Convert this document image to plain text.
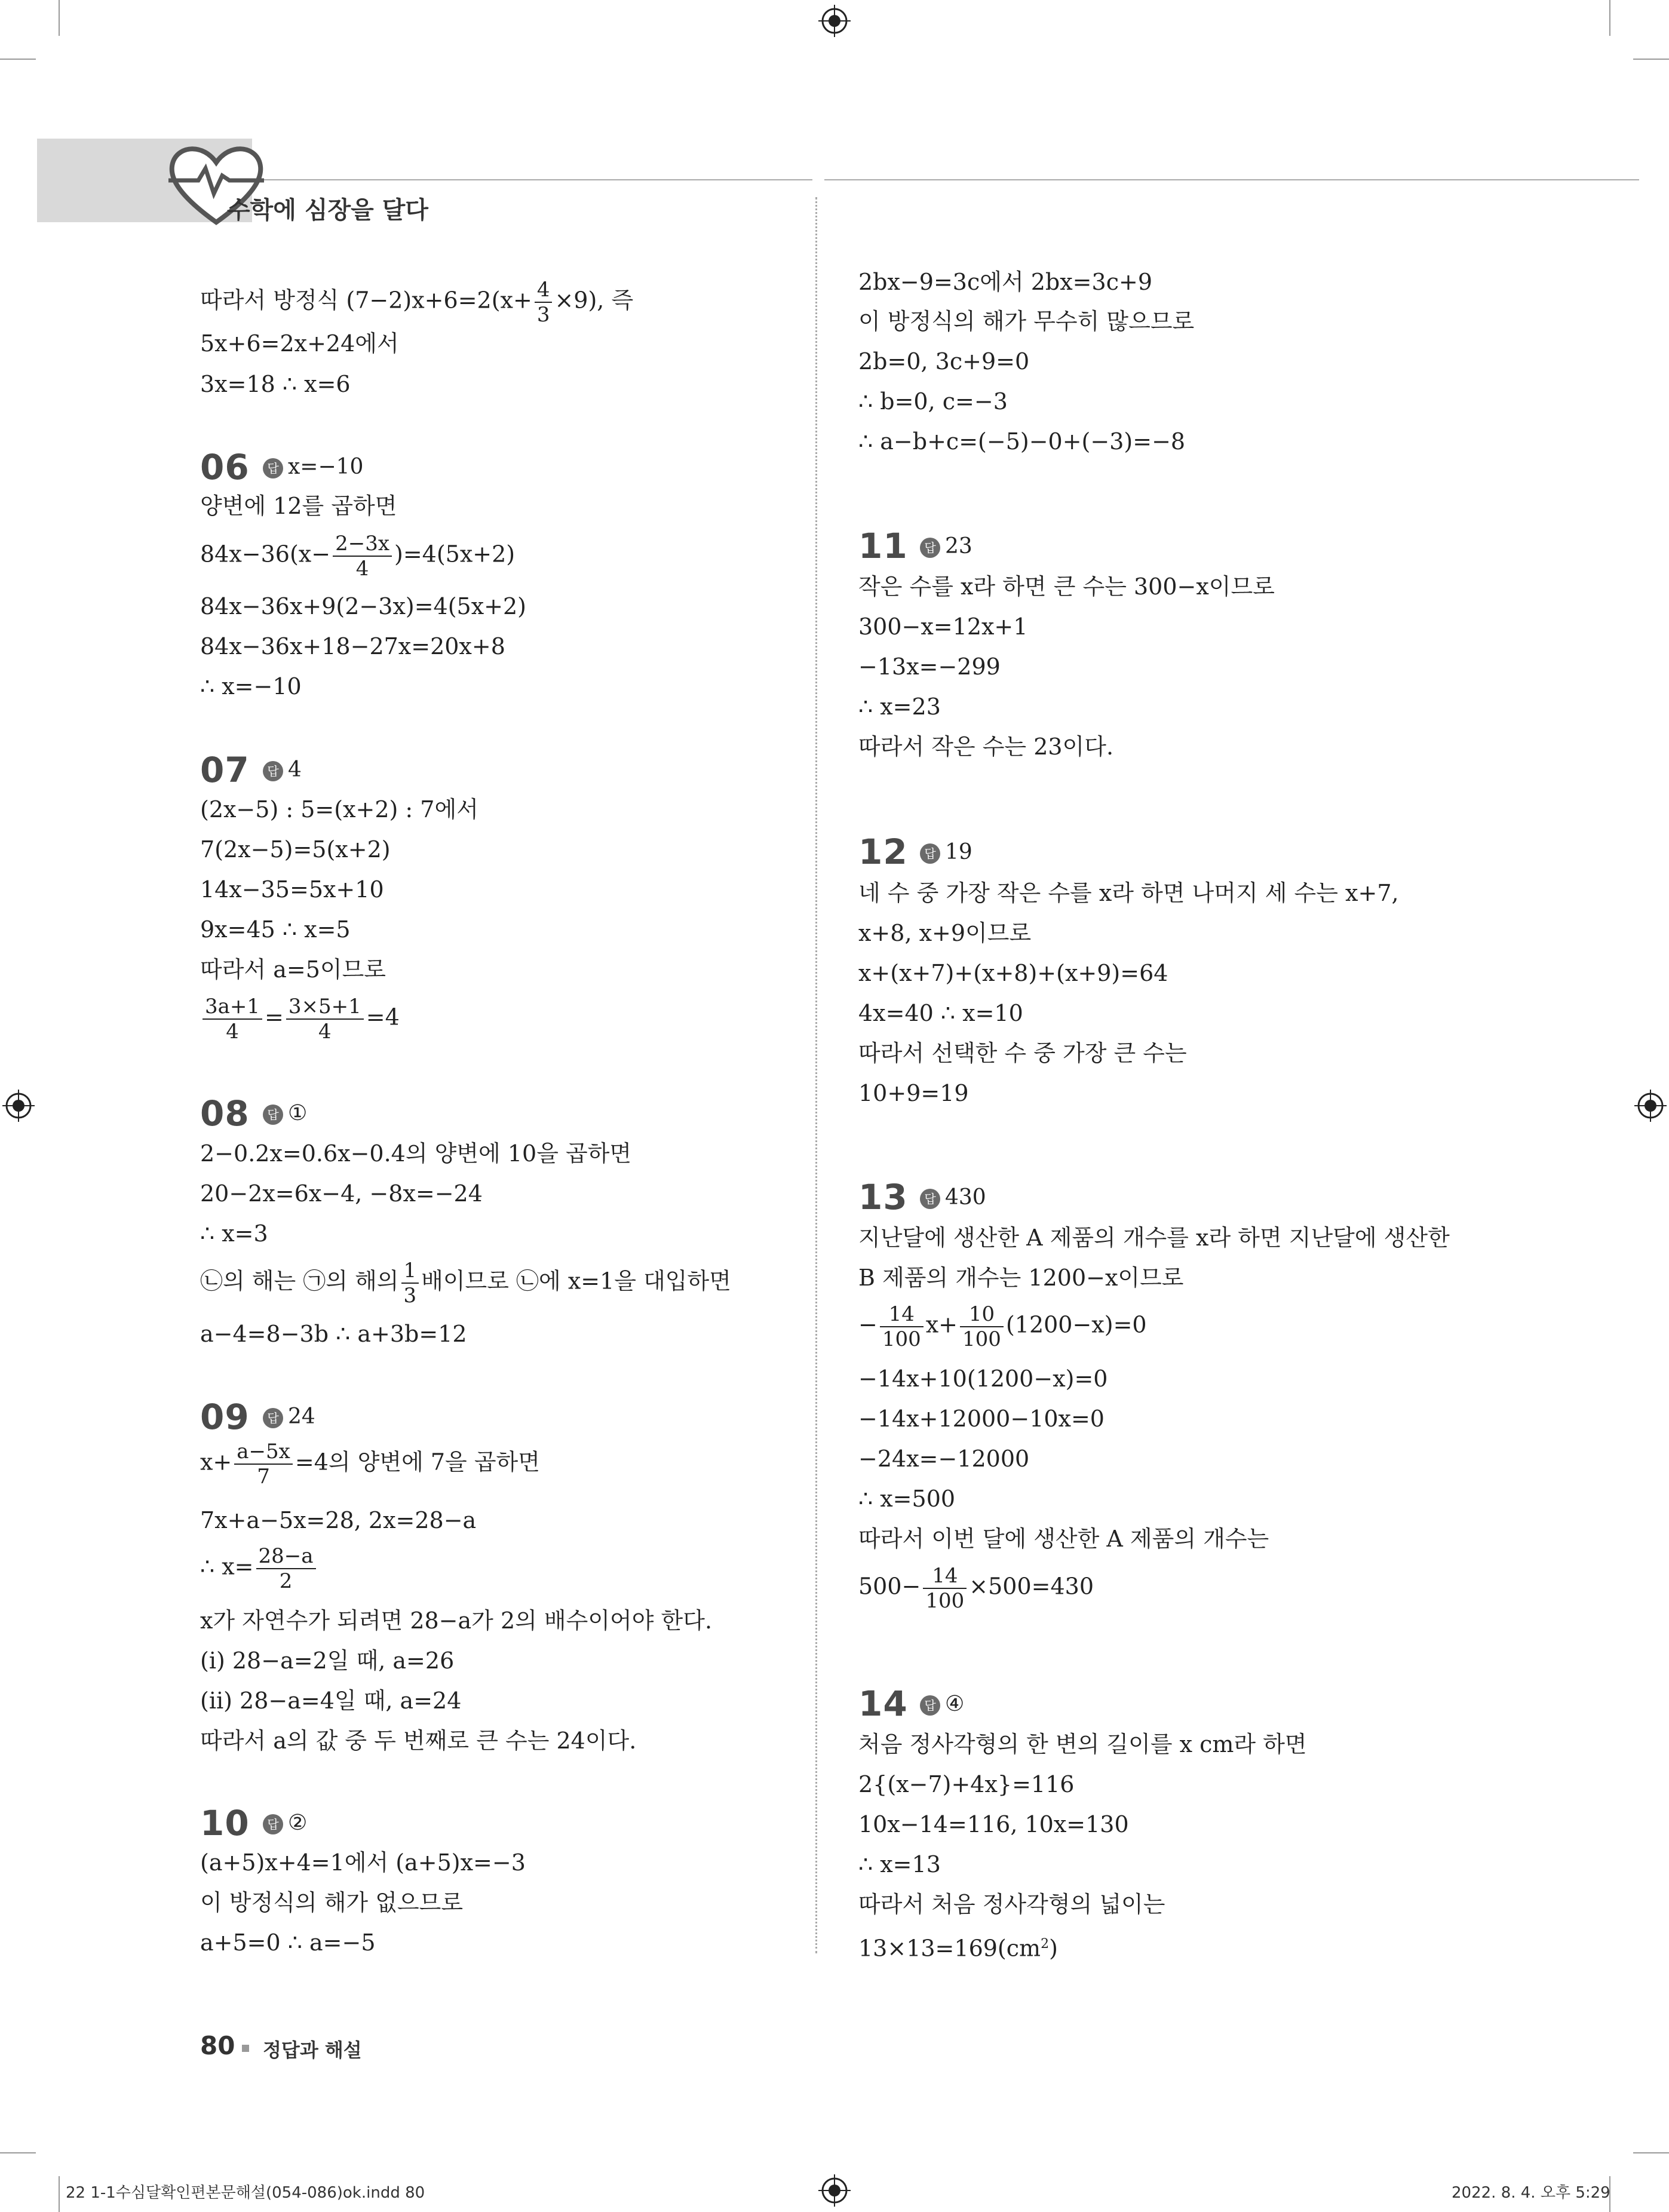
수학에 심장을 달다
따라서 방정식 $(7-2)x+6=2(x+ \frac{4}{3} \times 9)$, 즉
5x+6=2x+24에서
3x=18 ∴ x=6
06	답 x=−10
양변에 12를 곱하면
$84x-36(x- \frac{2-3x}{4} )=4(5x+2)$
84x−36x+9(2−3x)=4(5x+2)
84x−36x+18−27x=20x+8
∴ x=−10
07	답 4
(2x−5) : 5=(x+2) : 7에서
7(2x−5)=5(x+2)
14x−35=5x+10
9x=45 ∴ x=5
따라서 a=5이므로
$\frac{3a+1}{4} = \frac{3\times 5+1}{4} =4$
08	답 ①
2−0.2x=0.6x−0.4의 양변에 10을 곱하면
20−2x=6x−4, −8x=−24
∴ x=3
㉡의 해는 ㉠의 해의 $\frac{1}{3}$ 배이므로 ㉡에 x=1을 대입하면
a−4=8−3b ∴ a+3b=12
09	답 24
$x+ \frac{a-5x}{7} =4$의 양변에 7을 곱하면
7x+a−5x=28, 2x=28−a
∴ $x= \frac{28-a}{2}$
x가 자연수가 되려면 28−a가 2의 배수이어야 한다.
(ⅰ) 28−a=2일 때, a=26
(ⅱ) 28−a=4일 때, a=24
따라서 a의 값 중 두 번째로 큰 수는 24이다.
10	답 ②
(a+5)x+4=1에서 (a+5)x=−3
이 방정식의 해가 없으므로
a+5=0 ∴ a=−5
2bx−9=3c에서 2bx=3c+9
이 방정식의 해가 무수히 많으므로
2b=0, 3c+9=0
∴ b=0, c=−3
∴ a−b+c=(−5)−0+(−3)=−8
11	답 23
작은 수를 x라 하면 큰 수는 300−x이므로
300−x=12x+1
−13x=−299
∴ x=23
따라서 작은 수는 23이다.
12	답 19
네 수 중 가장 작은 수를 x라 하면 나머지 세 수는 x+7,
x+8, x+9이므로
x+(x+7)+(x+8)+(x+9)=64
4x=40 ∴ x=10
따라서 선택한 수 중 가장 큰 수는
10+9=19
13	답 430
지난달에 생산한 A 제품의 개수를 x라 하면 지난달에 생산한
B 제품의 개수는 1200−x이므로
− $\frac{14}{100} x+ \frac{10}{100} (1200-x)=0$
−14x+10(1200−x)=0
−14x+12000−10x=0
−24x=−12000
∴ x=500
따라서 이번 달에 생산한 A 제품의 개수는
$500- \frac{14}{100} \times 500=430$
14	답 ④
처음 정사각형의 한 변의 길이를 x cm라 하면
2{(x−7)+4x}=116
10x−14=116, 10x=130
∴ x=13
따라서 처음 정사각형의 넓이는
$13\times 13=169(cm^2)$
80 정답과 해설
22 1-1수심달확인편본문해설(054-086)ok.indd 80	2022. 8. 4. 오후 5:29
